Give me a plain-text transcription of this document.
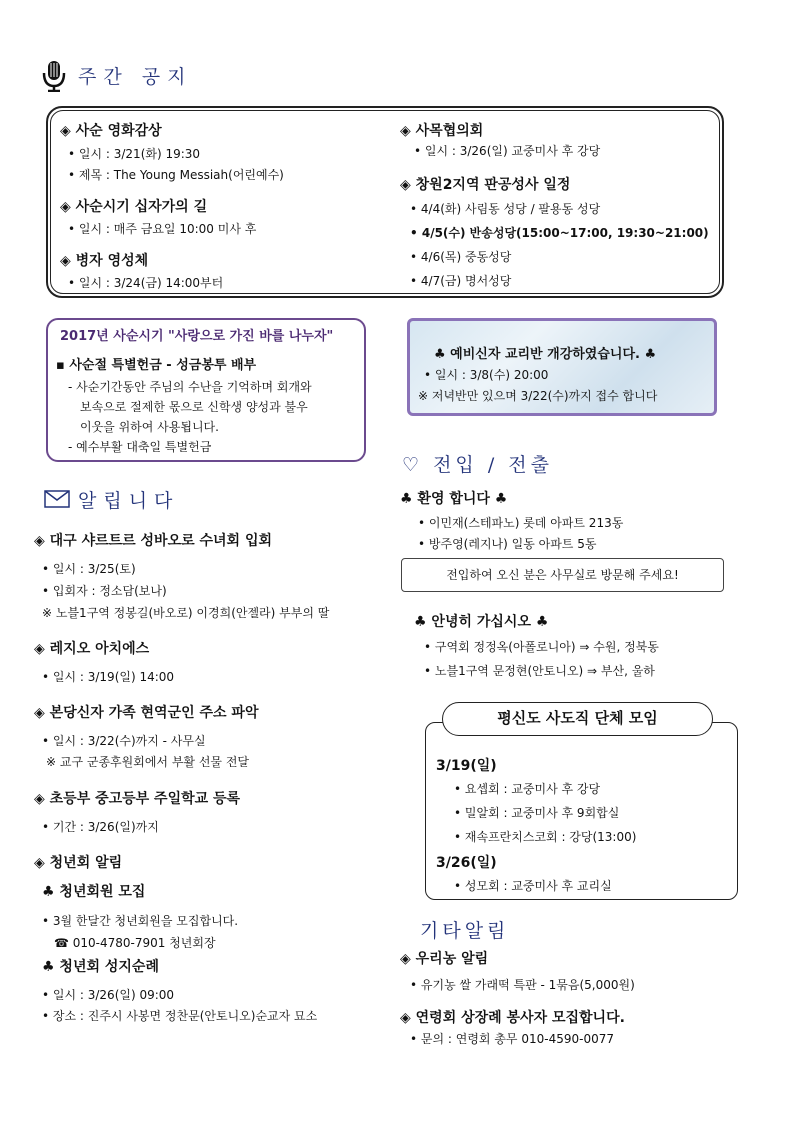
주간 공지
◈ 사순 영화감상
• 일시 : 3/21(화) 19:30
• 제목 : The Young Messiah(어린예수)
◈ 사순시기 십자가의 길
• 일시 : 매주 금요일 10:00 미사 후
◈ 병자 영성체
• 일시 : 3/24(금) 14:00부터
◈ 사목협의회
• 일시 : 3/26(일) 교중미사 후 강당
◈ 창원2지역 판공성사 일정
• 4/4(화) 사림동 성당 / 팔용동 성당
• 4/5(수) 반송성당(15:00~17:00, 19:30~21:00)
• 4/6(목) 중동성당
• 4/7(금) 명서성당
2017년 사순시기 "사랑으로 가진 바를 나누자"
▪ 사순절 특별헌금 - 성금봉투 배부
- 사순기간동안 주님의 수난을 기억하며 회개와
보속으로 절제한 몫으로 신학생 양성과 불우
이웃을 위하여 사용됩니다.
- 예수부활 대축일 특별헌금
♣ 예비신자 교리반 개강하였습니다. ♣
• 일시 : 3/8(수) 20:00
※ 저녁반만 있으며 3/22(수)까지 접수 합니다
알립니다
◈ 대구 샤르트르 성바오로 수녀회 입회
• 일시 : 3/25(토)
• 입회자 : 정소담(보나)
※ 노블1구역 정봉길(바오로) 이경희(안젤라) 부부의 딸
◈ 레지오 아치에스
• 일시 : 3/19(일) 14:00
◈ 본당신자 가족 현역군인 주소 파악
• 일시 : 3/22(수)까지 - 사무실
※ 교구 군종후원회에서 부활 선물 전달
◈ 초등부 중고등부 주일학교 등록
• 기간 : 3/26(일)까지
◈ 청년회 알림
♣ 청년회원 모집
• 3월 한달간 청년회원을 모집합니다.
☎ 010-4780-7901 청년회장
♣ 청년회 성지순례
• 일시 : 3/26(일) 09:00
• 장소 : 진주시 사봉면 정찬문(안토니오)순교자 묘소
♡ 전입 / 전출
♣ 환영 합니다 ♣
• 이민재(스테파노) 롯데 아파트 213동
• 방주영(레지나) 일동 아파트 5동
전입하여 오신 분은 사무실로 방문해 주세요!
♣ 안녕히 가십시오 ♣
• 구역회 정정옥(아폴로니아) ⇒ 수원, 정북동
• 노블1구역 문정현(안토니오) ⇒ 부산, 울하
평신도 사도직 단체 모임
3/19(일)
• 요셉회 : 교중미사 후 강당
• 밀알회 : 교중미사 후 9회합실
• 재속프란치스코회 : 강당(13:00)
3/26(일)
• 성모회 : 교중미사 후 교리실
기타알림
◈ 우리농 알림
• 유기농 쌀 가래떡 특판 - 1묶음(5,000원)
◈ 연령회 상장례 봉사자 모집합니다.
• 문의 : 연령회 총무 010-4590-0077
